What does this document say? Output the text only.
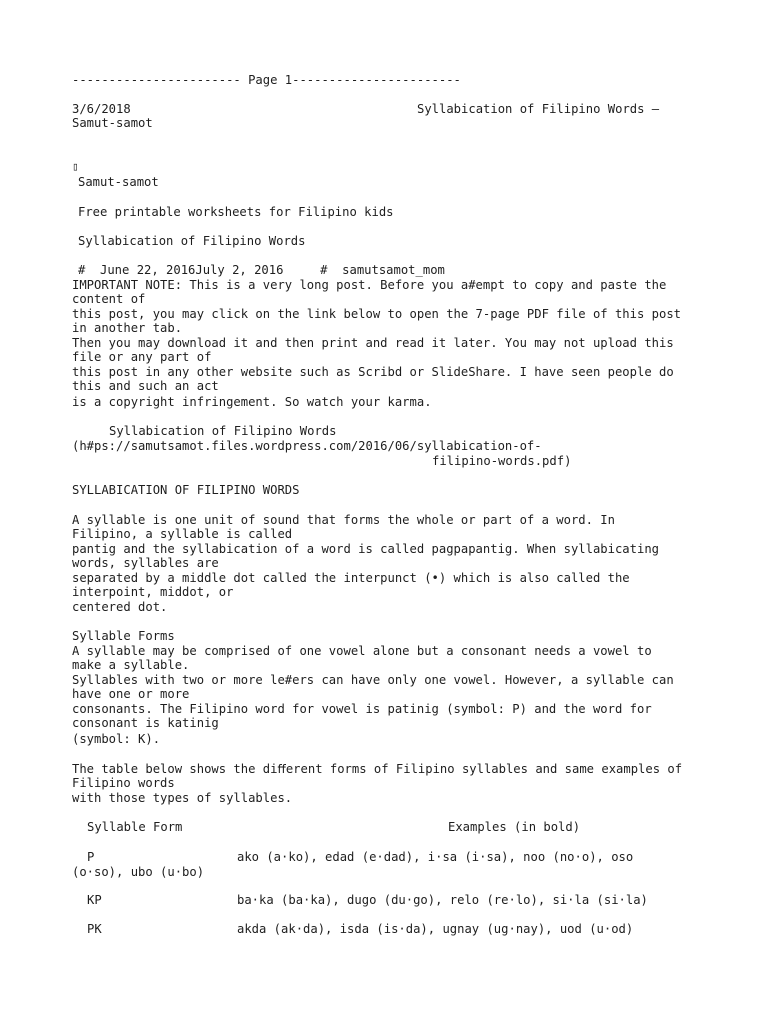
----------------------- Page 1-----------------------
3/6/2018	Syllabication of Filipino Words –
Samut-samot
▯
Samut-samot
Free printable worksheets for Filipino kids
Syllabication of Filipino Words
#  June 22, 2016July 2, 2016     #  samutsamot_mom
IMPORTANT NOTE: This is a very long post. Before you a#empt to copy and paste the
content of
this post, you may click on the link below to open the 7-page PDF file of this post
in another tab.
Then you may download it and then print and read it later. You may not upload this
file or any part of
this post in any other website such as Scribd or SlideShare. I have seen people do
this and such an act
is a copyright infringement. So watch your karma.
Syllabication of Filipino Words
(h#ps://samutsamot.files.wordpress.com/2016/06/syllabication-of-
filipino-words.pdf)
SYLLABICATION OF FILIPINO WORDS
A syllable is one unit of sound that forms the whole or part of a word. In
Filipino, a syllable is called
pantig and the syllabication of a word is called pagpapantig. When syllabicating
words, syllables are
separated by a middle dot called the interpunct (•) which is also called the
interpoint, middot, or
centered dot.
Syllable Forms
A syllable may be comprised of one vowel alone but a consonant needs a vowel to
make a syllable.
Syllables with two or more le#ers can have only one vowel. However, a syllable can
have one or more
consonants. The Filipino word for vowel is patinig (symbol: P) and the word for
consonant is katinig
(symbol: K).
The table below shows the diﬀerent forms of Filipino syllables and same examples of
Filipino words
with those types of syllables.
Syllable Form	Examples (in bold)
P	ako (a·ko), edad (e·dad), i·sa (i·sa), noo (no·o), oso
(o·so), ubo (u·bo)
KP	ba·ka (ba·ka), dugo (du·go), relo (re·lo), si·la (si·la)
PK	akda (ak·da), isda (is·da), ugnay (ug·nay), uod (u·od)
